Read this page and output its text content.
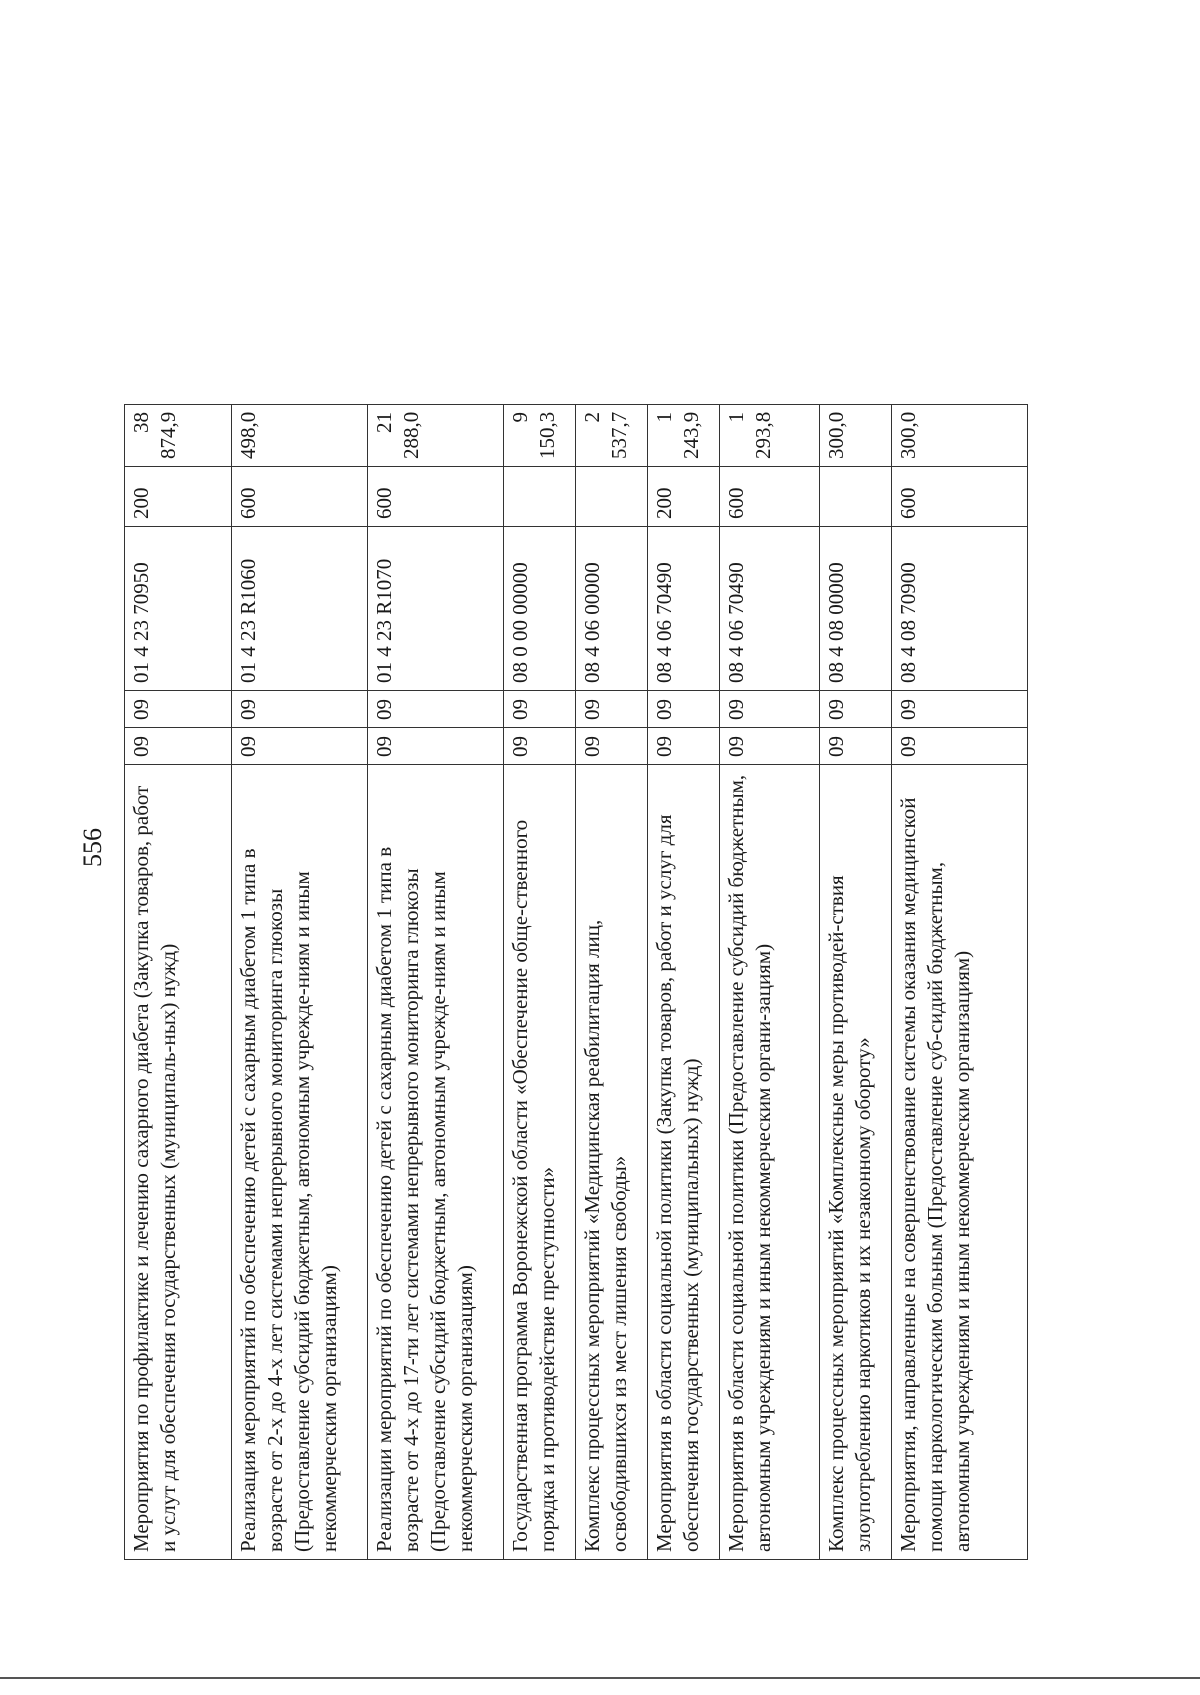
556 Мероприятия по профилактике и лечению сахарного диабета (Закупка товаров, работ и услут для обеспечения государственных (муниципаль-ных) нужд)	09	09	01 4 23 70950	200	38 874,9
Реализация мероприятий по обеспечению детей с сахарным диабетом 1 типа в возрасте от 2-х до 4-х лет системами непрерывного мониторинга глюкозы (Предоставление субсидий бюджетным, автономным учрежде-ниям и иным некоммерческим организациям)	09	09	01 4 23 R1060	600	498,0
Реализации мероприятий по обеспечению детей с сахарным диабетом 1 типа в возрасте от 4-х до 17-ти лет системами непрерывного мониторинга глюкозы (Предоставление субсидий бюджетным, автономным учрежде-ниям и иным некоммерческим организациям)	09	09	01 4 23 R1070	600	21 288,0
Государственная программа Воронежской области «Обеспечение обще-ственного порядка и противодействие преступности»	09	09	08 0 00 00000		9 150,3
Комплекс процессных мероприятий «Медицинская реабилитация лиц, освободившихся из мест лишения свободы»	09	09	08 4 06 00000		2 537,7
Мероприятия в области социальной политики (Закупка товаров, работ и услуг для обеспечения государственных (муниципальных) нужд)	09	09	08 4 06 70490	200	1 243,9
Мероприятия в области социальной политики (Предоставление субсидий бюджетным, автономным учреждениям и иным некоммерческим органи-зациям)	09	09	08 4 06 70490	600	1 293,8
Комплекс процессных мероприятий «Комплексные меры противодей-ствия злоупотреблению наркотиков и их незаконному обороту»	09	09	08 4 08 00000		300,0
Мероприятия, направленные на совершенствование системы оказания медицинской помощи наркологическим больным (Предоставление суб-сидий бюджетным, автономным учреждениям и иным некоммерческим организациям)	09	09	08 4 08 70900	600	300,0
